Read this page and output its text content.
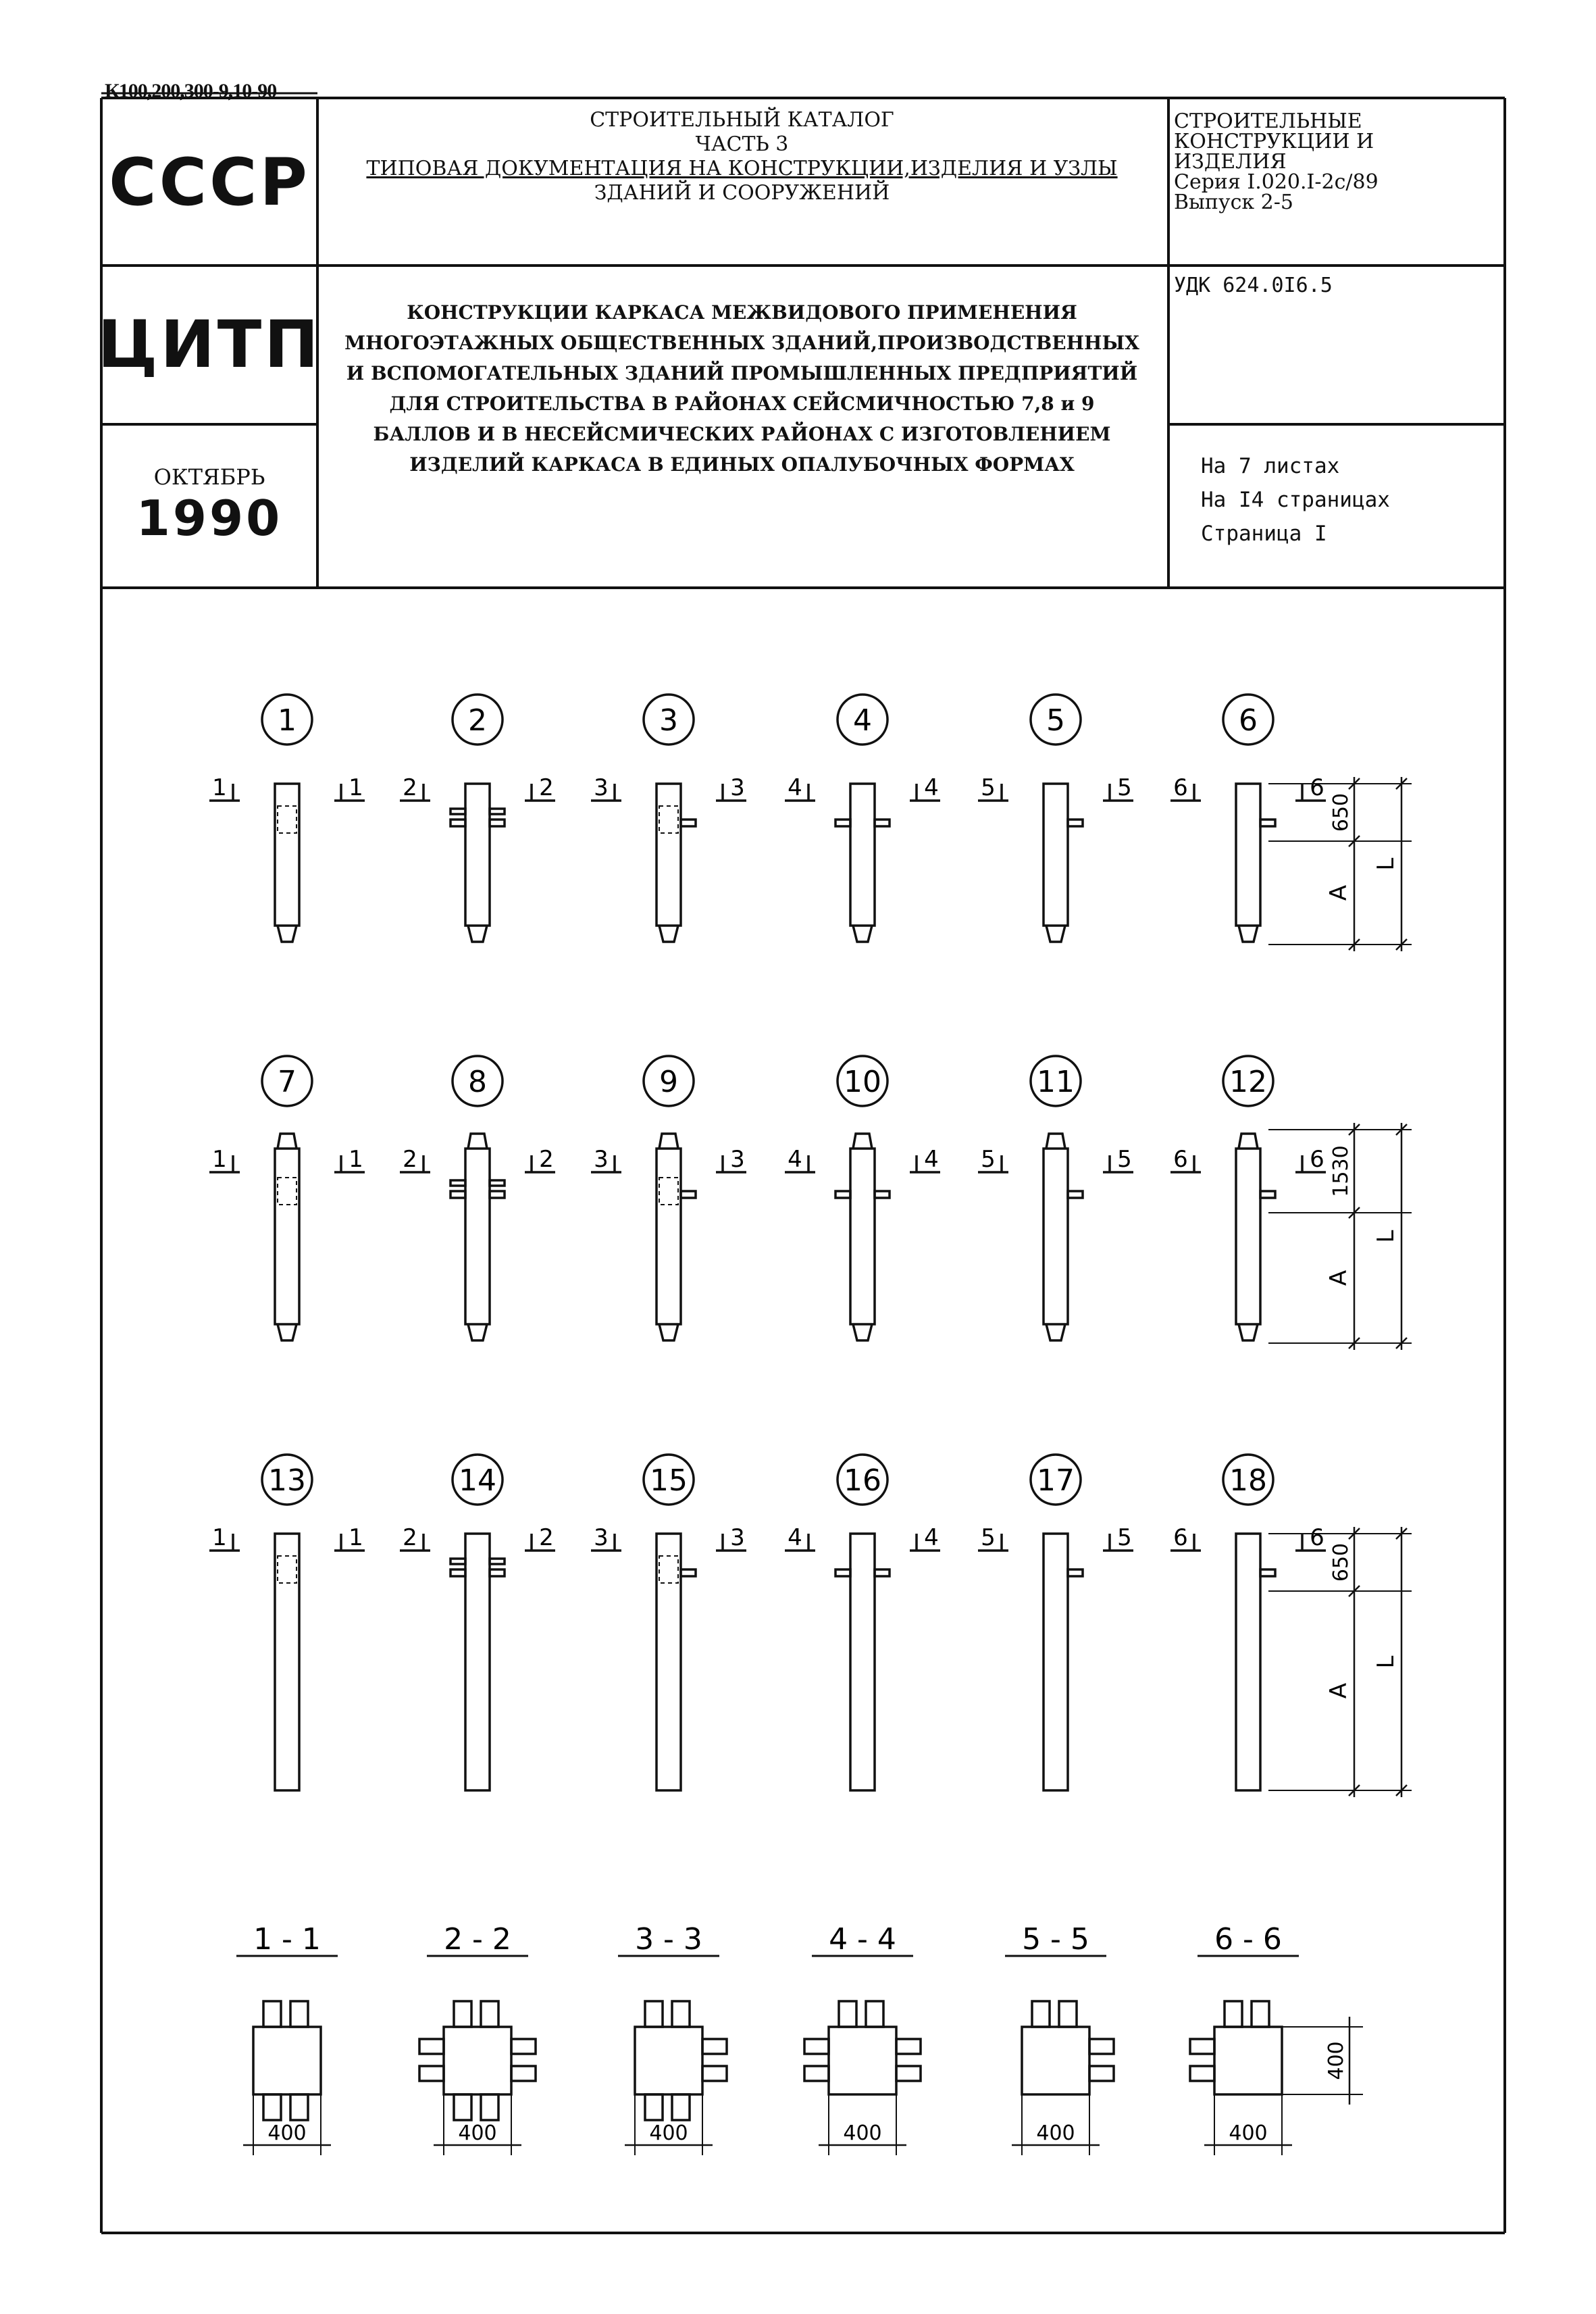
К100,200,300-9,10-90
СССР
ЦИТП
ОКТЯБРЬ
1990
СТРОИТЕЛЬНЫЙ КАТАЛОГ
ЧАСТЬ 3
ТИПОВАЯ ДОКУМЕНТАЦИЯ НА КОНСТРУКЦИИ,ИЗДЕЛИЯ И УЗЛЫ
ЗДАНИЙ И СООРУЖЕНИЙ
СТРОИТЕЛЬНЫЕ
КОНСТРУКЦИИ И
ИЗДЕЛИЯ
Серия I.020.I-2с/89
Выпуск 2-5
УДК 624.0I6.5
КОНСТРУКЦИИ КАРКАСА МЕЖВИДОВОГО ПРИМЕНЕНИЯ
МНОГОЭТАЖНЫХ ОБЩЕСТВЕННЫХ ЗДАНИЙ,ПРОИЗВОДСТВЕННЫХ
И ВСПОМОГАТЕЛЬНЫХ ЗДАНИЙ ПРОМЫШЛЕННЫХ ПРЕДПРИЯТИЙ
ДЛЯ СТРОИТЕЛЬСТВА В РАЙОНАХ СЕЙСМИЧНОСТЬЮ 7,8 и 9
БАЛЛОВ И В НЕСЕЙСМИЧЕСКИХ РАЙОНАХ С ИЗГОТОВЛЕНИЕМ
ИЗДЕЛИЙ КАРКАСА В ЕДИНЫХ ОПАЛУБОЧНЫХ ФОРМАХ	На 7 листах
На I4 страницах
Страница I
1
1	1
2
2	2
3
3	3
4
4	4
5
5	5
6
6	6
650
A
L
7
1	1
8
2	2
9
3	3
10
4	4
11
5	5
12
6	6 1530
A
L
13
1	1
14
2	2
15
3	3
16
4	4
17
5	5
18
6	6
650
A
L
1 - 1
400
2 - 2
400
3 - 3
400
4 - 4
400
5 - 5
400
6 - 6
400
400
